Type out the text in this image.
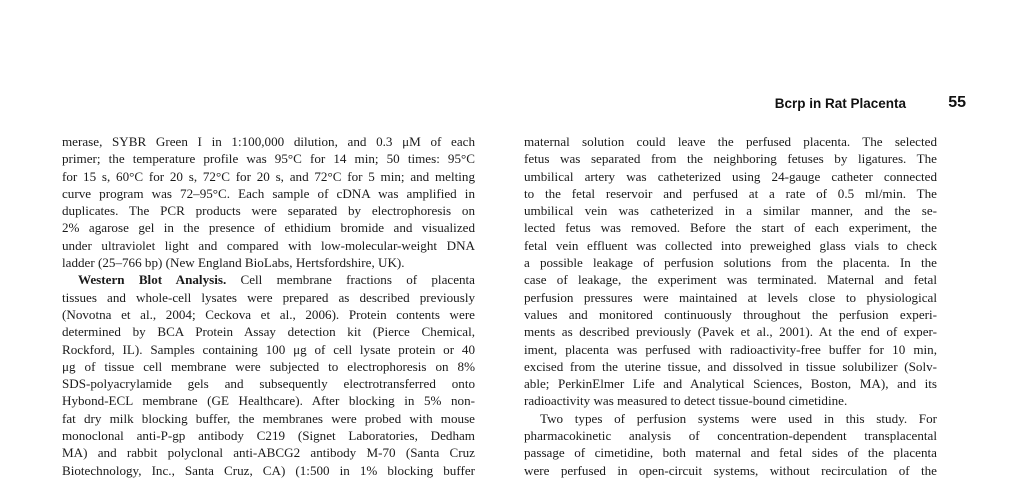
Bcrp in Rat Placenta	55
merase, SYBR Green I in 1:100,000 dilution, and 0.3 μM of each
primer; the temperature profile was 95°C for 14 min; 50 times: 95°C
for 15 s, 60°C for 20 s, 72°C for 20 s, and 72°C for 5 min; and melting
curve program was 72–95°C. Each sample of cDNA was amplified in
duplicates. The PCR products were separated by electrophoresis on
2% agarose gel in the presence of ethidium bromide and visualized
under ultraviolet light and compared with low-molecular-weight DNA
ladder (25–766 bp) (New England BioLabs, Hertsfordshire, UK).
Western Blot Analysis. Cell membrane fractions of placenta
tissues and whole-cell lysates were prepared as described previously
(Novotna et al., 2004; Ceckova et al., 2006). Protein contents were
determined by BCA Protein Assay detection kit (Pierce Chemical,
Rockford, IL). Samples containing 100 μg of cell lysate protein or 40
μg of tissue cell membrane were subjected to electrophoresis on 8%
SDS-polyacrylamide gels and subsequently electrotransferred onto
Hybond-ECL membrane (GE Healthcare). After blocking in 5% non-
fat dry milk blocking buffer, the membranes were probed with mouse
monoclonal anti-P-gp antibody C219 (Signet Laboratories, Dedham
MA) and rabbit polyclonal anti-ABCG2 antibody M-70 (Santa Cruz
Biotechnology, Inc., Santa Cruz, CA) (1:500 in 1% blocking buffer
maternal solution could leave the perfused placenta. The selected
fetus was separated from the neighboring fetuses by ligatures. The
umbilical artery was catheterized using 24-gauge catheter connected
to the fetal reservoir and perfused at a rate of 0.5 ml/min. The
umbilical vein was catheterized in a similar manner, and the se-
lected fetus was removed. Before the start of each experiment, the
fetal vein effluent was collected into preweighed glass vials to check
a possible leakage of perfusion solutions from the placenta. In the
case of leakage, the experiment was terminated. Maternal and fetal
perfusion pressures were maintained at levels close to physiological
values and monitored continuously throughout the perfusion experi-
ments as described previously (Pavek et al., 2001). At the end of exper-
iment, placenta was perfused with radioactivity-free buffer for 10 min,
excised from the uterine tissue, and dissolved in tissue solubilizer (Solv-
able; PerkinElmer Life and Analytical Sciences, Boston, MA), and its
radioactivity was measured to detect tissue-bound cimetidine.
Two types of perfusion systems were used in this study. For
pharmacokinetic analysis of concentration-dependent transplacental
passage of cimetidine, both maternal and fetal sides of the placenta
were perfused in open-circuit systems, without recirculation of the
